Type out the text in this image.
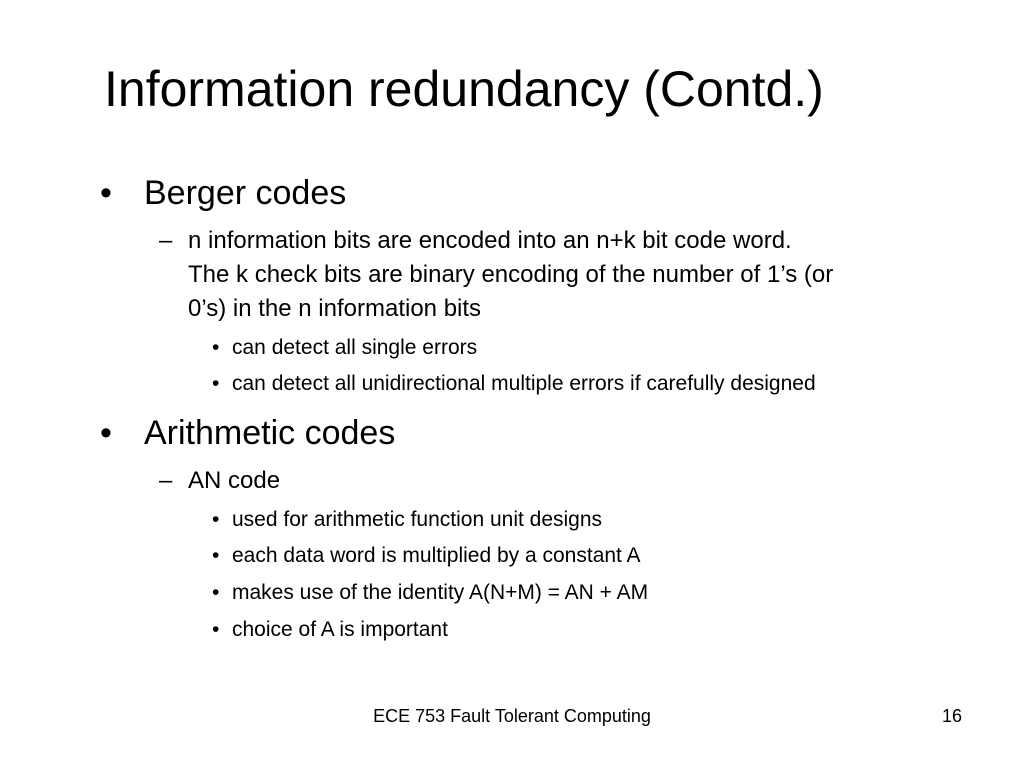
Information redundancy (Contd.)
• Berger codes
– n information bits are encoded into an n+k bit code word.
The k check bits are binary encoding of the number of 1’s (or
0’s) in the n information bits
• can detect all single errors
• can detect all unidirectional multiple errors if carefully designed
• Arithmetic codes
– AN code
• used for arithmetic function unit designs
• each data word is multiplied by a constant A
• makes use of the identity A(N+M) = AN + AM
• choice of A is important
ECE 753 Fault Tolerant Computing	16
